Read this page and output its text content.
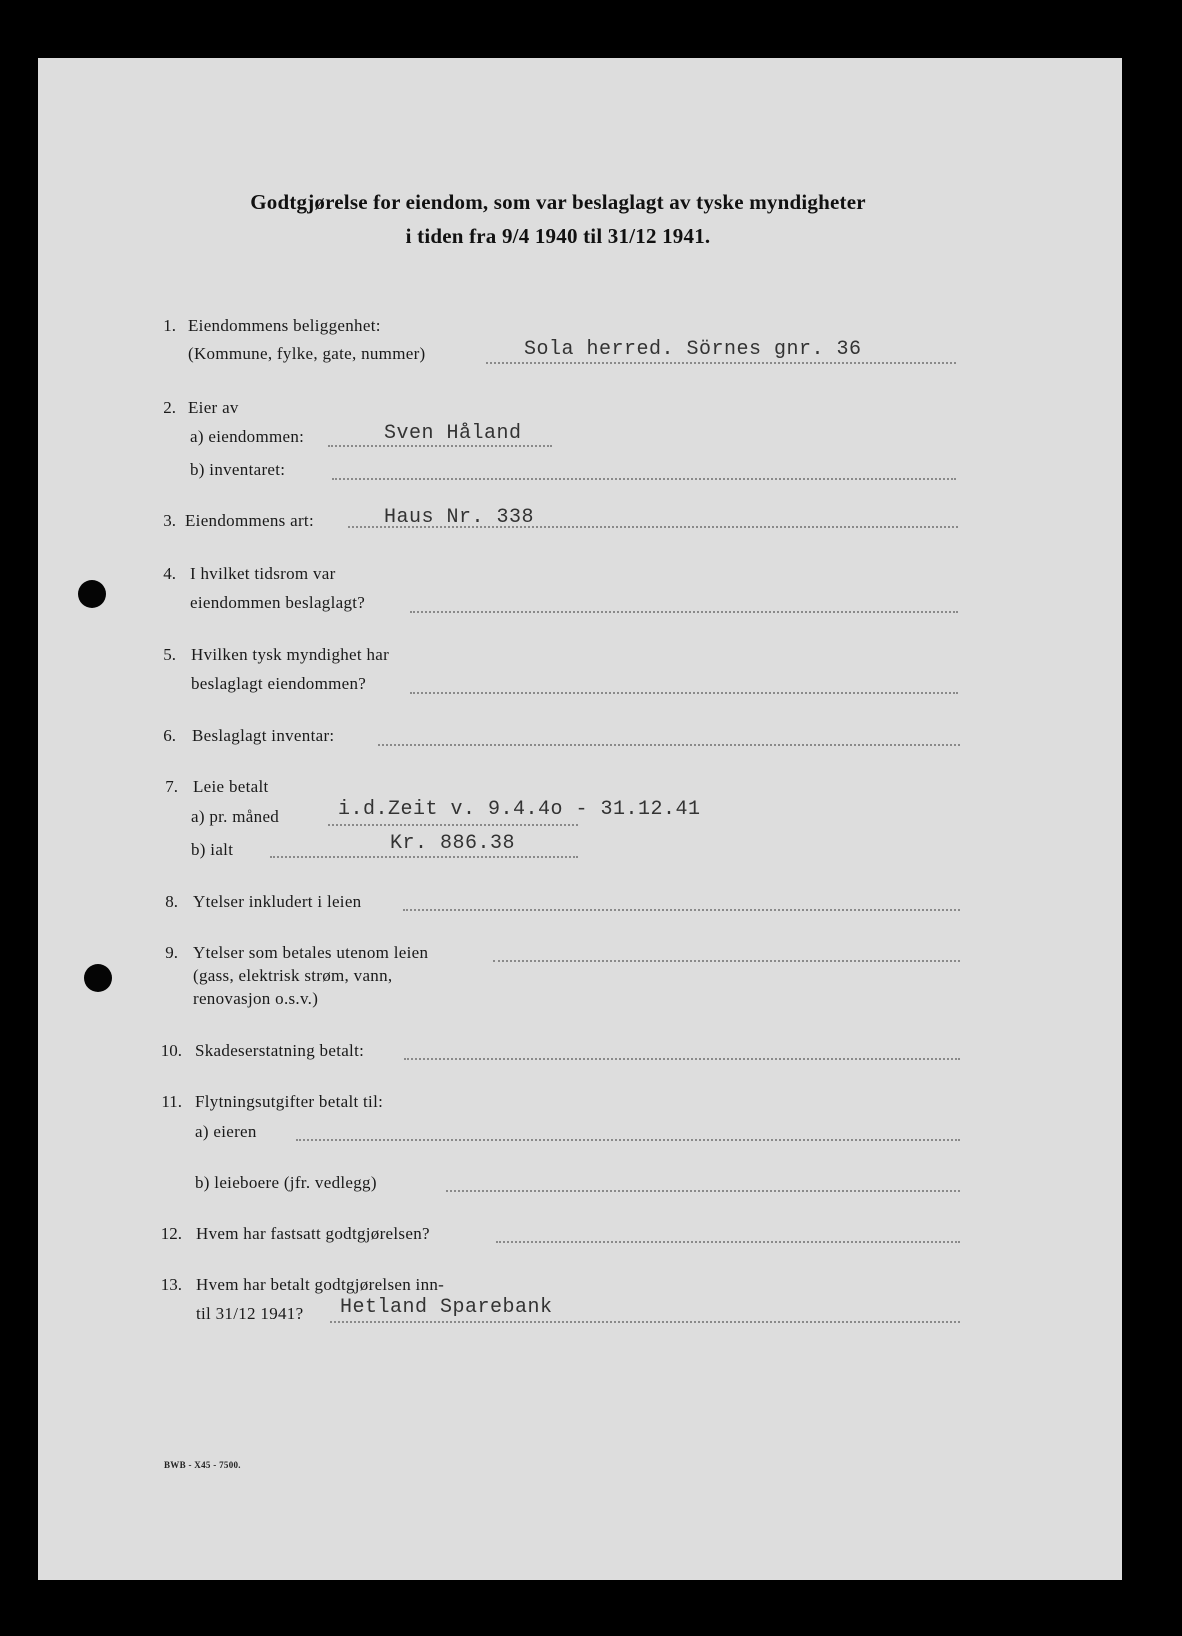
Godtgjørelse for eiendom, som var beslaglagt av tyske myndigheter
i tiden fra 9/4 1940 til 31/12 1941.
1. Eiendommens beliggenhet:
(Kommune, fylke, gate, nummer)	Sola herred. Sörnes gnr. 36
2. Eier av
a) eiendommen:	Sven Håland
b) inventaret:
3. Eiendommens art:	Haus Nr. 338
4. I hvilket tidsrom var
eiendommen beslaglagt?
5. Hvilken tysk myndighet har
beslaglagt eiendommen?
6. Beslaglagt inventar:
7. Leie betalt
a) pr. måned	i.d.Zeit v. 9.4.4o - 31.12.41
b) ialt	Kr. 886.38
8. Ytelser inkludert i leien
9. Ytelser som betales utenom leien
(gass, elektrisk strøm, vann,
renovasjon o.s.v.)
10. Skadeserstatning betalt:
11. Flytningsutgifter betalt til:
a) eieren
b) leieboere (jfr. vedlegg)
12. Hvem har fastsatt godtgjørelsen?
13. Hvem har betalt godtgjørelsen inn-
til 31/12 1941? Hetland Sparebank
BWB - X45 - 7500.
